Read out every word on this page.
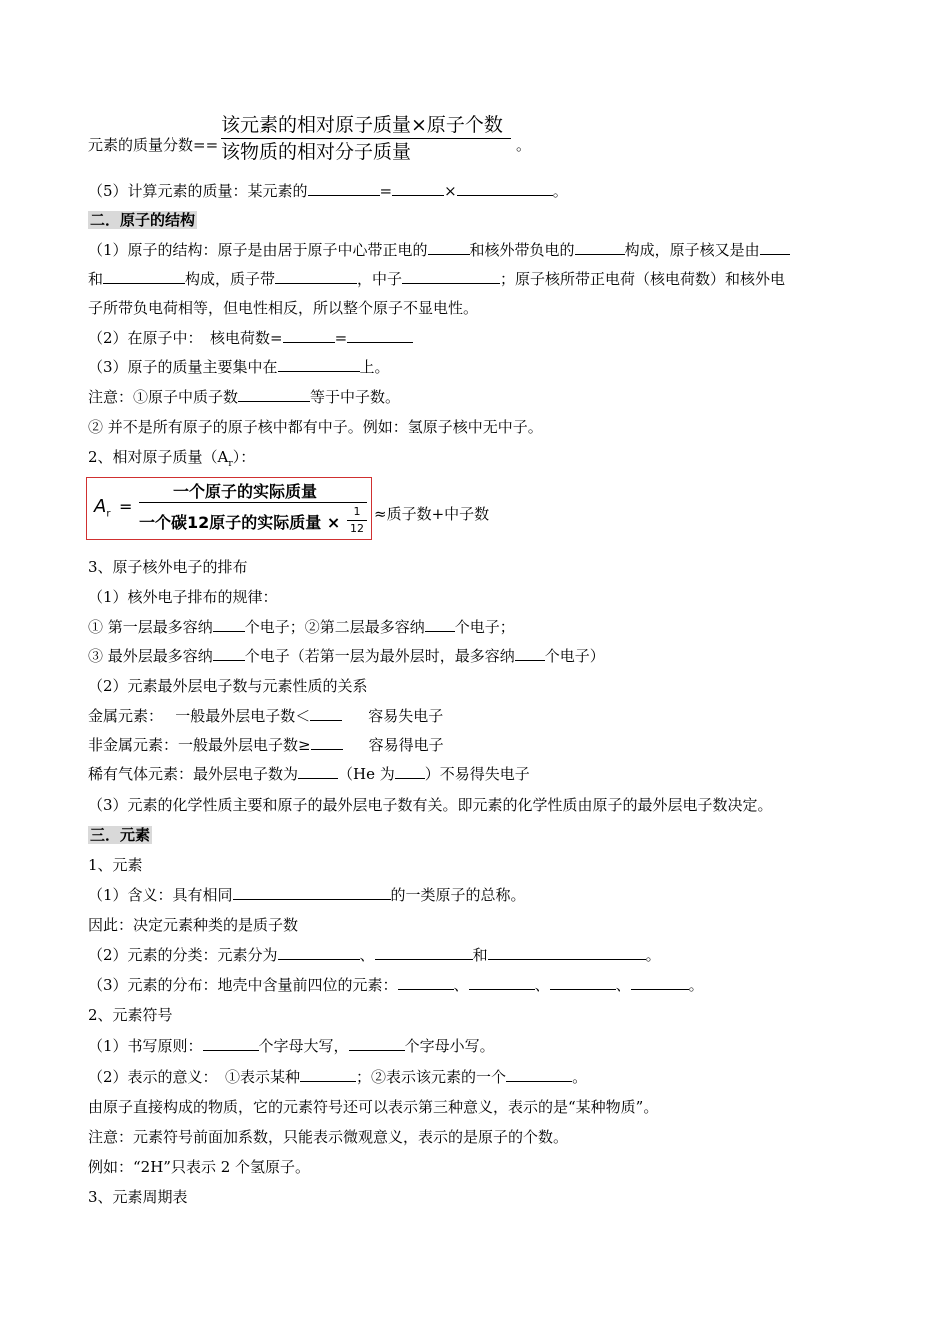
元素的质量分数==
该元素的相对原子质量×原子个数
该物质的相对分子质量	。
（5）计算元素的质量：某元素的	=	×	。
二．原子的结构
（1）原子的结构：原子是由居于原子中心带正电的	和核外带负电的	构成，原子核又是由
和	构成，质子带	，中子	；原子核所带正电荷（核电荷数）和核外电
子所带负电荷相等，但电性相反，所以整个原子不显电性。
（2）在原子中：　核电荷数=	=
（3）原子的质量主要集中在	上。
注意：①原子中质子数	等于中子数。
② 并不是所有原子的原子核中都有中子。例如：氢原子核中无中子。
2、相对原子质量$(A_r)$：
$A_r$ =
一个原子的实际质量
一个碳12原子的实际质量 × $\frac{1}{12}$ ≈质子数+中子数
3、原子核外电子的排布
（1）核外电子排布的规律：
① 第一层最多容纳 个电子；②第二层最多容纳 个电子；
③ 最外层最多容纳 个电子（若第一层为最外层时，最多容纳 个电子）
（2）元素最外层电子数与元素性质的关系
金属元素：　 一般最外层电子数＜	容易失电子
非金属元素：一般最外层电子数≥	容易得电子
稀有气体元素：最外层电子数为	（He 为 ）不易得失电子
（3）元素的化学性质主要和原子的最外层电子数有关。即元素的化学性质由原子的最外层电子数决定。
三．元素
1、元素
（1）含义：具有相同	的一类原子的总称。
因此：决定元素种类的是质子数
（2）元素的分类：元素分为	、	和	。
（3）元素的分布：地壳中含量前四位的元素：	、	、	、	。
2、元素符号
（1）书写原则：	个字母大写，	个字母小写。
（2）表示的意义：　①表示某种	；②表示该元素的一个	。
由原子直接构成的物质，它的元素符号还可以表示第三种意义，表示的是“某种物质”。
注意：元素符号前面加系数，只能表示微观意义，表示的是原子的个数。
例如：“2H”只表示 2 个氢原子。
3、元素周期表
